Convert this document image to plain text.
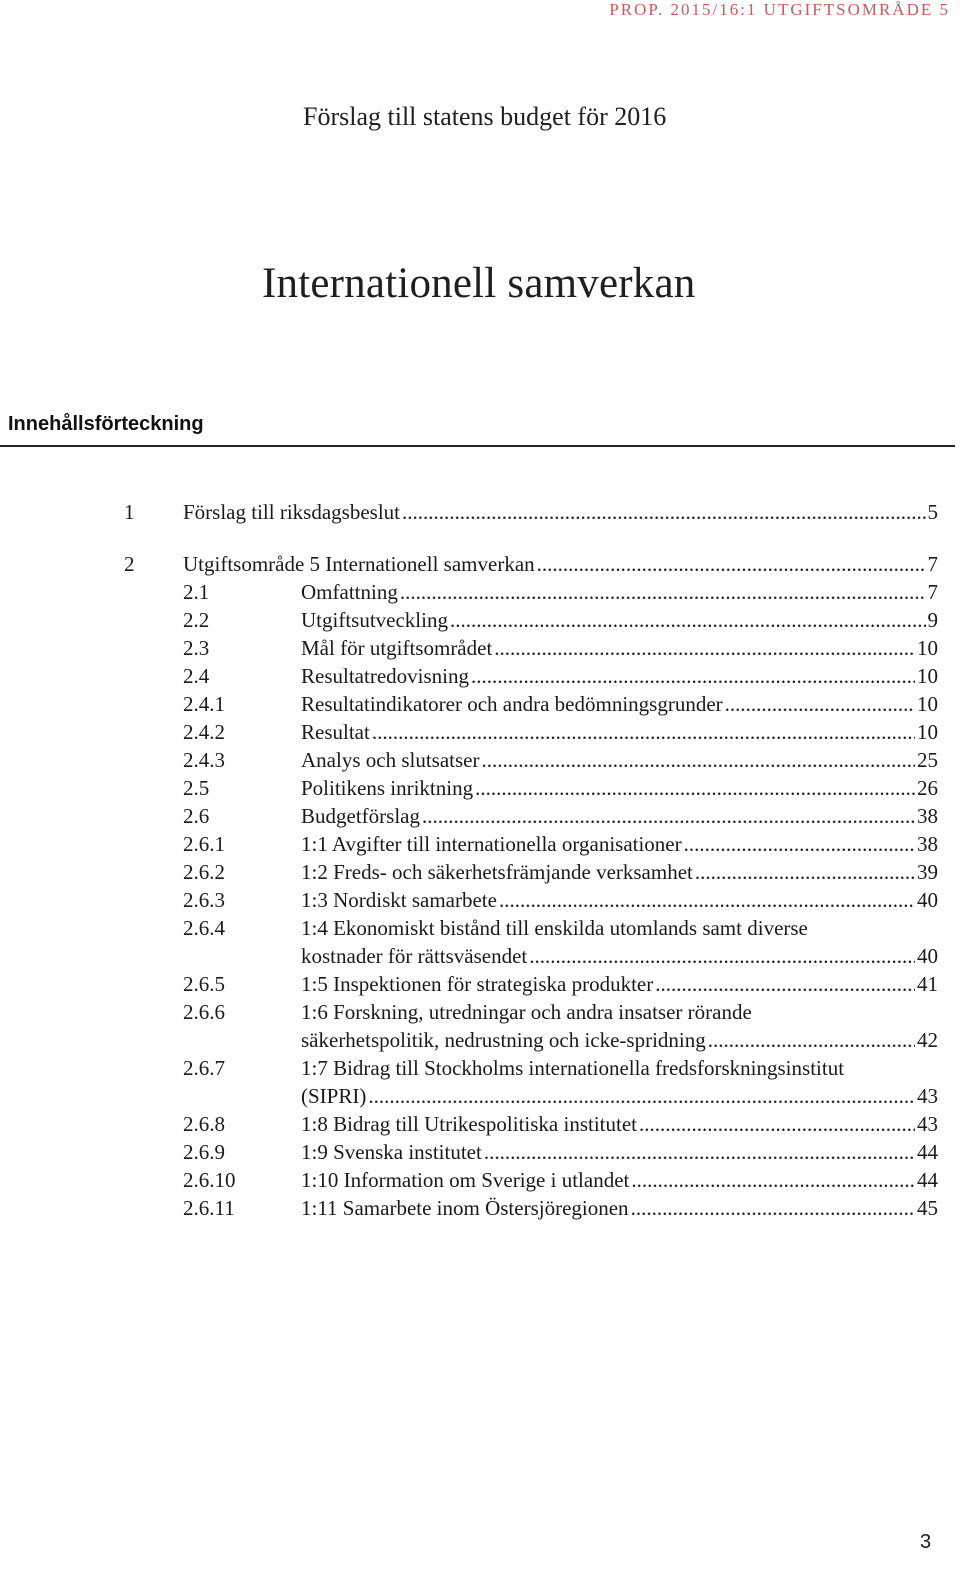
PROP. 2015/16:1 UTGIFTSOMRÅDE 5
Förslag till statens budget för 2016
Internationell samverkan
Innehållsförteckning
1 Förslag till riksdagsbeslut .....	5
2 Utgiftsområde 5 Internationell samverkan .....	7
2.1	Omfattning .....	7
2.2	Utgiftsutveckling .....	9
2.3	Mål för utgiftsområdet .....	10
2.4	Resultatredovisning .....	10
2.4.1	Resultatindikatorer och andra bedömningsgrunder .....	10
2.4.2	Resultat .....	10
2.4.3	Analys och slutsatser .....	25
2.5	Politikens inriktning .....	26
2.6	Budgetförslag .....	38
2.6.1	1:1 Avgifter till internationella organisationer .....	38
2.6.2	1:2 Freds- och säkerhetsfrämjande verksamhet .....	39
2.6.3	1:3 Nordiskt samarbete .....	40
2.6.4	1:4 Ekonomiskt bistånd till enskilda utomlands samt diverse
kostnader för rättsväsendet .....	40
2.6.5	1:5 Inspektionen för strategiska produkter .....	41
2.6.6	1:6 Forskning, utredningar och andra insatser rörande
säkerhetspolitik, nedrustning och icke-spridning .....	42
2.6.7	1:7 Bidrag till Stockholms internationella fredsforskningsinstitut
(SIPRI) .....	43
2.6.8	1:8 Bidrag till Utrikespolitiska institutet .....	43
2.6.9	1:9 Svenska institutet .....	44
2.6.10	1:10 Information om Sverige i utlandet .....	44
2.6.11	1:11 Samarbete inom Östersjöregionen .....	45
3
